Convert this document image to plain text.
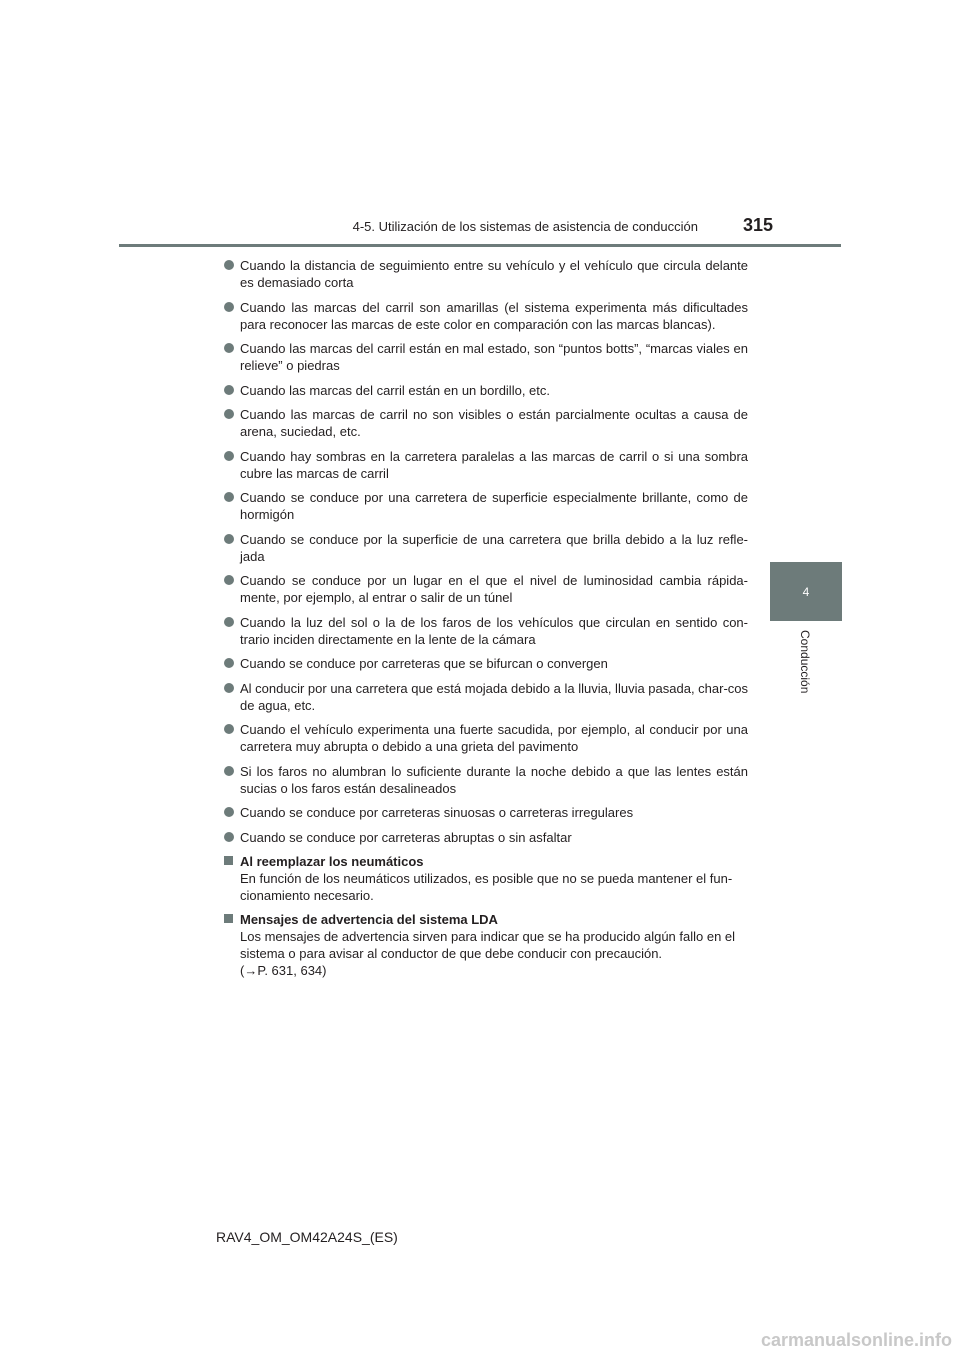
4-5. Utilización de los sistemas de asistencia de conducción	315
4
Conducción
Cuando la distancia de seguimiento entre su vehículo y el vehículo que circula delante es demasiado corta
Cuando las marcas del carril son amarillas (el sistema experimenta más dificultades para reconocer las marcas de este color en comparación con las marcas blancas).
Cuando las marcas del carril están en mal estado, son “puntos botts”, “marcas viales en relieve” o piedras
Cuando las marcas del carril están en un bordillo, etc.
Cuando las marcas de carril no son visibles o están parcialmente ocultas a causa de arena, suciedad, etc.
Cuando hay sombras en la carretera paralelas a las marcas de carril o si una sombra cubre las marcas de carril
Cuando se conduce por una carretera de superficie especialmente brillante, como de hormigón
Cuando se conduce por la superficie de una carretera que brilla debido a la luz refle-jada
Cuando se conduce por un lugar en el que el nivel de luminosidad cambia rápida-mente, por ejemplo, al entrar o salir de un túnel
Cuando la luz del sol o la de los faros de los vehículos que circulan en sentido con-trario inciden directamente en la lente de la cámara
Cuando se conduce por carreteras que se bifurcan o convergen
Al conducir por una carretera que está mojada debido a la lluvia, lluvia pasada, char-cos de agua, etc.
Cuando el vehículo experimenta una fuerte sacudida, por ejemplo, al conducir por una carretera muy abrupta o debido a una grieta del pavimento
Si los faros no alumbran lo suficiente durante la noche debido a que las lentes están sucias o los faros están desalineados
Cuando se conduce por carreteras sinuosas o carreteras irregulares
Cuando se conduce por carreteras abruptas o sin asfaltar
Al reemplazar los neumáticos
En función de los neumáticos utilizados, es posible que no se pueda mantener el fun-cionamiento necesario.
Mensajes de advertencia del sistema LDA
Los mensajes de advertencia sirven para indicar que se ha producido algún fallo en el sistema o para avisar al conductor de que debe conducir con precaución.
(→P. 631, 634)
RAV4_OM_OM42A24S_(ES)
carmanualsonline.info
